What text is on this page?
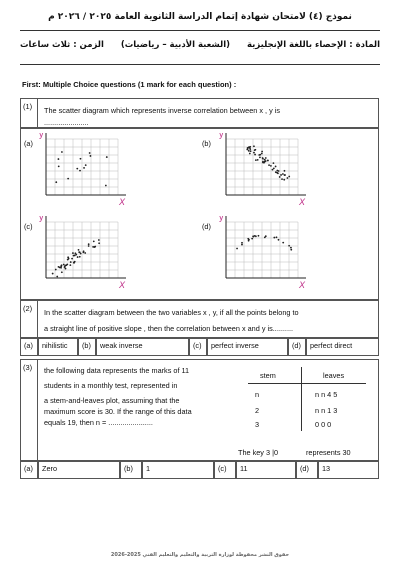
نموذج (٤) لامتحان شهادة إتمام الدراسة الثانوية العامة ٢٠٢٥ / ٢٠٢٦ م
المادة : الإحصاء باللغة الإنجليزية
(الشعبة الأدبية – رياضيات)
الزمن : ثلاث ساعات
First: Multiple Choice questions (1 mark for each question) :
(1) The scatter diagram which represents inverse correlation between x , y is
......................
(a)	(b)
(c)	(d)
y
X
y
X
y
X
y
X
(2) In the scatter diagram between the two variables x , y, if all the points belong to
a straight line of positive slope , then the correlation between x and y is..........
(a)	nihilistic	(b)	weak inverse	(c)	perfect inverse	(d)	perfect direct
(3) the following data represents the marks of 11
students in a monthly test, represented in
a stem-and-leaves plot, assuming that the
maximum score is 30. If the range of this data
equals 19, then n = ......................
stem	leaves
n	n n 4 5
2	n n 1 3
3	0 0 0
The key 3 |0	represents 30
(a)	Zero	(b)	1	(c)	11	(d)	13
حقوق النشر محفوظة لوزارة التربية والتعليم والتعليم الفني 2025-2026
